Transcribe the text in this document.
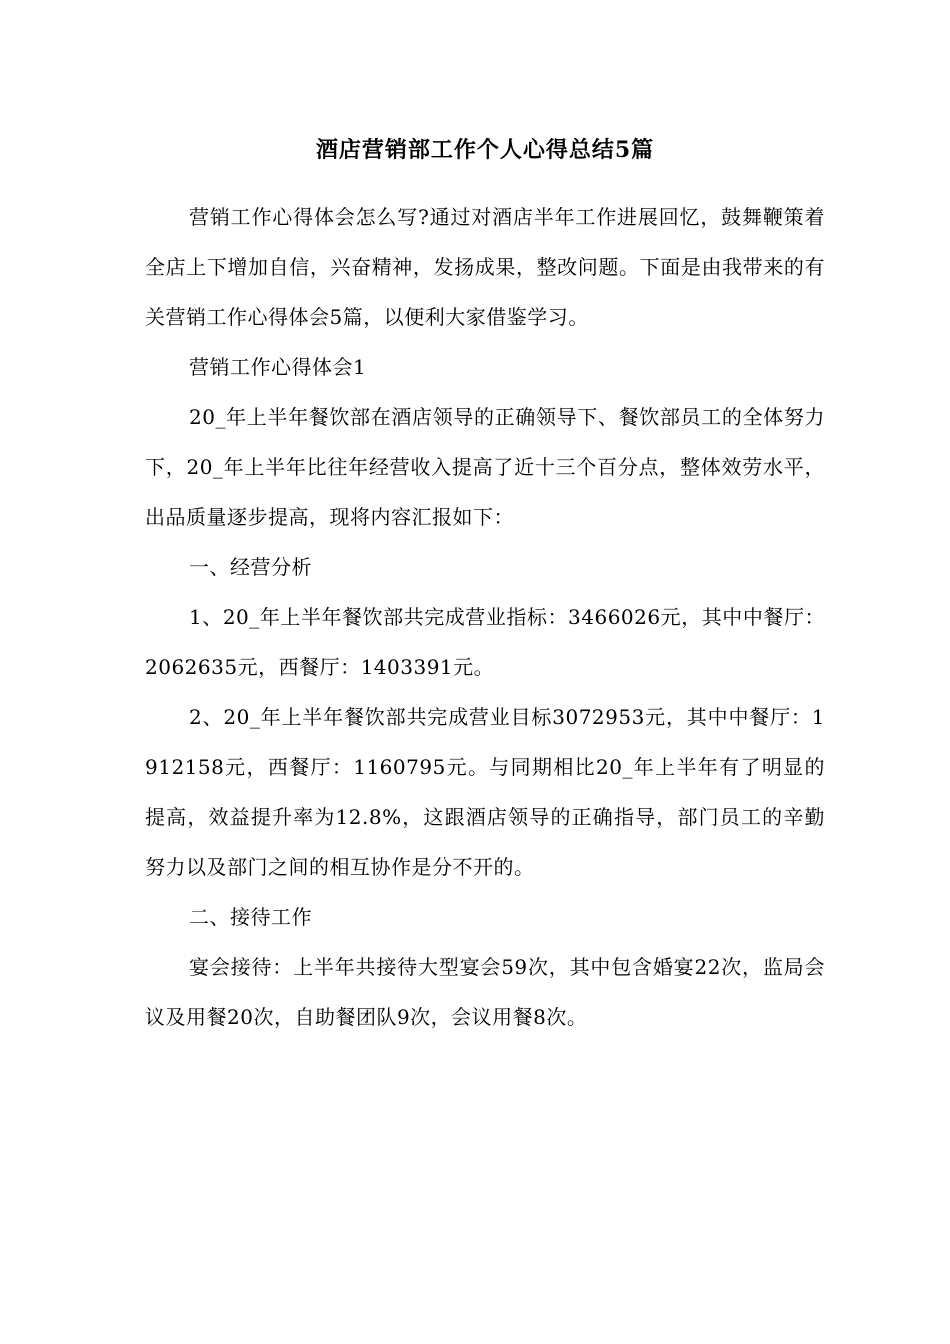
酒店营销部工作个人心得总结5篇

营销工作心得体会怎么写?通过对酒店半年工作进展回忆，鼓舞鞭策着全店上下增加自信，兴奋精神，发扬成果，整改问题。下面是由我带来的有关营销工作心得体会5篇，以便利大家借鉴学习。

营销工作心得体会1

20_年上半年餐饮部在酒店领导的正确领导下、餐饮部员工的全体努力下，20_年上半年比往年经营收入提高了近十三个百分点，整体效劳水平，出品质量逐步提高，现将内容汇报如下：

一、经营分析

1、20_年上半年餐饮部共完成营业指标：3466026元，其中中餐厅：2062635元，西餐厅：1403391元。

2、20_年上半年餐饮部共完成营业目标3072953元，其中中餐厅：1912158元，西餐厅：1160795元。与同期相比20_年上半年有了明显的提高，效益提升率为12.8%，这跟酒店领导的正确指导，部门员工的辛勤努力以及部门之间的相互协作是分不开的。

二、接待工作

宴会接待：上半年共接待大型宴会59次，其中包含婚宴22次，监局会议及用餐20次，自助餐团队9次，会议用餐8次。
